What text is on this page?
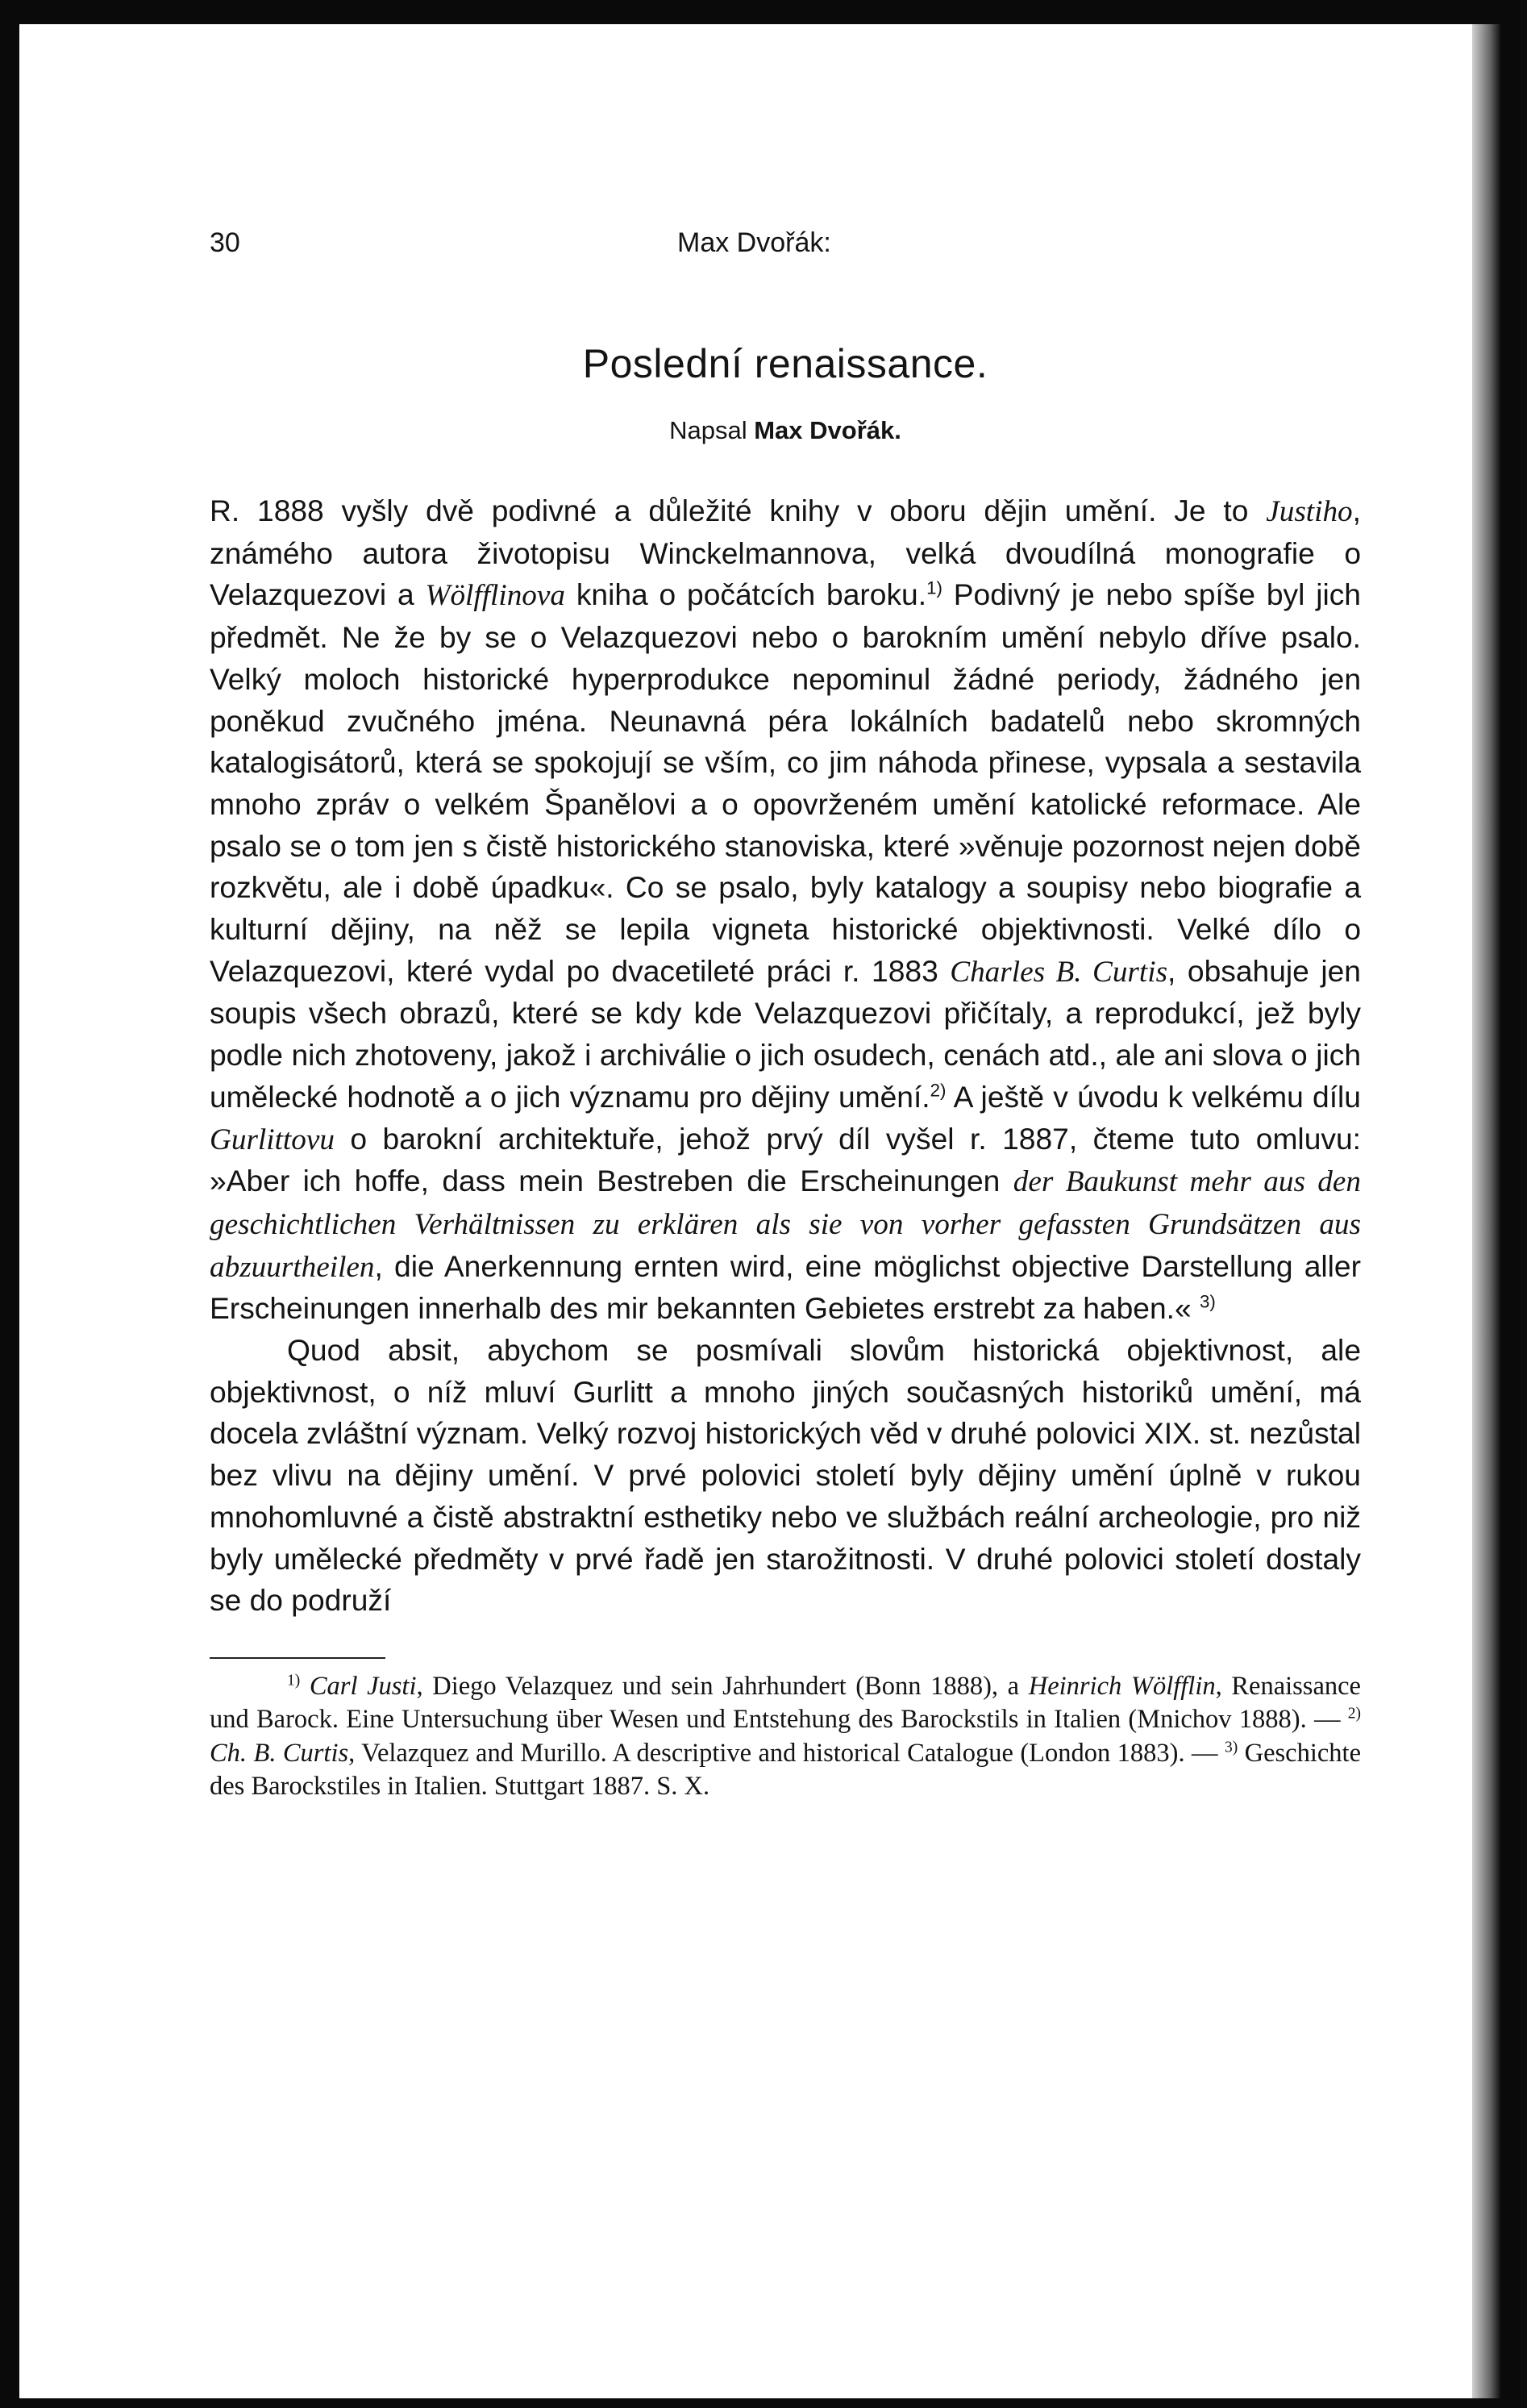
30	Max Dvořák:
Poslední renaissance.
Napsal Max Dvořák.

R. 1888 vyšly dvě podivné a důležité knihy v oboru dějin umění. Je to Justiho, známého autora životopisu Winckelmannova, velká dvoudílná monografie o Velazquezovi a Wölfflinova kniha o počátcích baroku.$^{1)}$ Podivný je nebo spíše byl jich předmět. Ne že by se o Velazquezovi nebo o barokním umění nebylo dříve psalo. Velký moloch historické hyperprodukce nepominul žádné periody, žádného jen poněkud zvučného jména. Neunavná péra lokálních badatelů nebo skromných katalogisátorů, která se spokojují se vším, co jim náhoda přinese, vypsala a sestavila mnoho zpráv o velkém Španělovi a o opovrženém umění katolické reformace. Ale psalo se o tom jen s čistě historického stanoviska, které »věnuje pozornost nejen době rozkvětu, ale i době úpadku«. Co se psalo, byly katalogy a soupisy nebo biografie a kulturní dějiny, na něž se lepila vigneta historické objektivnosti. Velké dílo o Velazquezovi, které vydal po dvacetileté práci r. 1883 Charles B. Curtis, obsahuje jen soupis všech obrazů, které se kdy kde Velazquezovi přičítaly, a reprodukcí, jež byly podle nich zhotoveny, jakož i archiválie o jich osudech, cenách atd., ale ani slova o jich umělecké hodnotě a o jich významu pro dějiny umění.$^{2)}$ A ještě v úvodu k velkému dílu Gurlittovu o barokní architektuře, jehož prvý díl vyšel r. 1887, čteme tuto omluvu: »Aber ich hoffe, dass mein Bestreben die Erscheinungen der Baukunst mehr aus den geschichtlichen Verhältnissen zu erklären als sie von vorher gefassten Grundsätzen aus abzuurtheilen, die Anerkennung ernten wird, eine möglichst objective Darstellung aller Erscheinungen innerhalb des mir bekannten Gebietes erstrebt za haben.« $^{3)}$

Quod absit, abychom se posmívali slovům historická objektivnost, ale objektivnost, o níž mluví Gurlitt a mnoho jiných současných historiků umění, má docela zvláštní význam. Velký rozvoj historických věd v druhé polovici XIX. st. nezůstal bez vlivu na dějiny umění. V prvé polovici století byly dějiny umění úplně v rukou mnohomluvné a čistě abstraktní esthetiky nebo ve službách reální archeologie, pro niž byly umělecké předměty v prvé řadě jen starožitnosti. V druhé polovici století dostaly se do podruží

$^{1)}$ Carl Justi, Diego Velazquez und sein Jahrhundert (Bonn 1888), a Heinrich Wölfflin, Renaissance und Barock. Eine Untersuchung über Wesen und Entstehung des Barockstils in Italien (Mnichov 1888). — $^{2)}$ Ch. B. Curtis, Velazquez and Murillo. A descriptive and historical Catalogue (London 1883). — $^{3)}$ Geschichte des Barockstiles in Italien. Stuttgart 1887. S. X.
